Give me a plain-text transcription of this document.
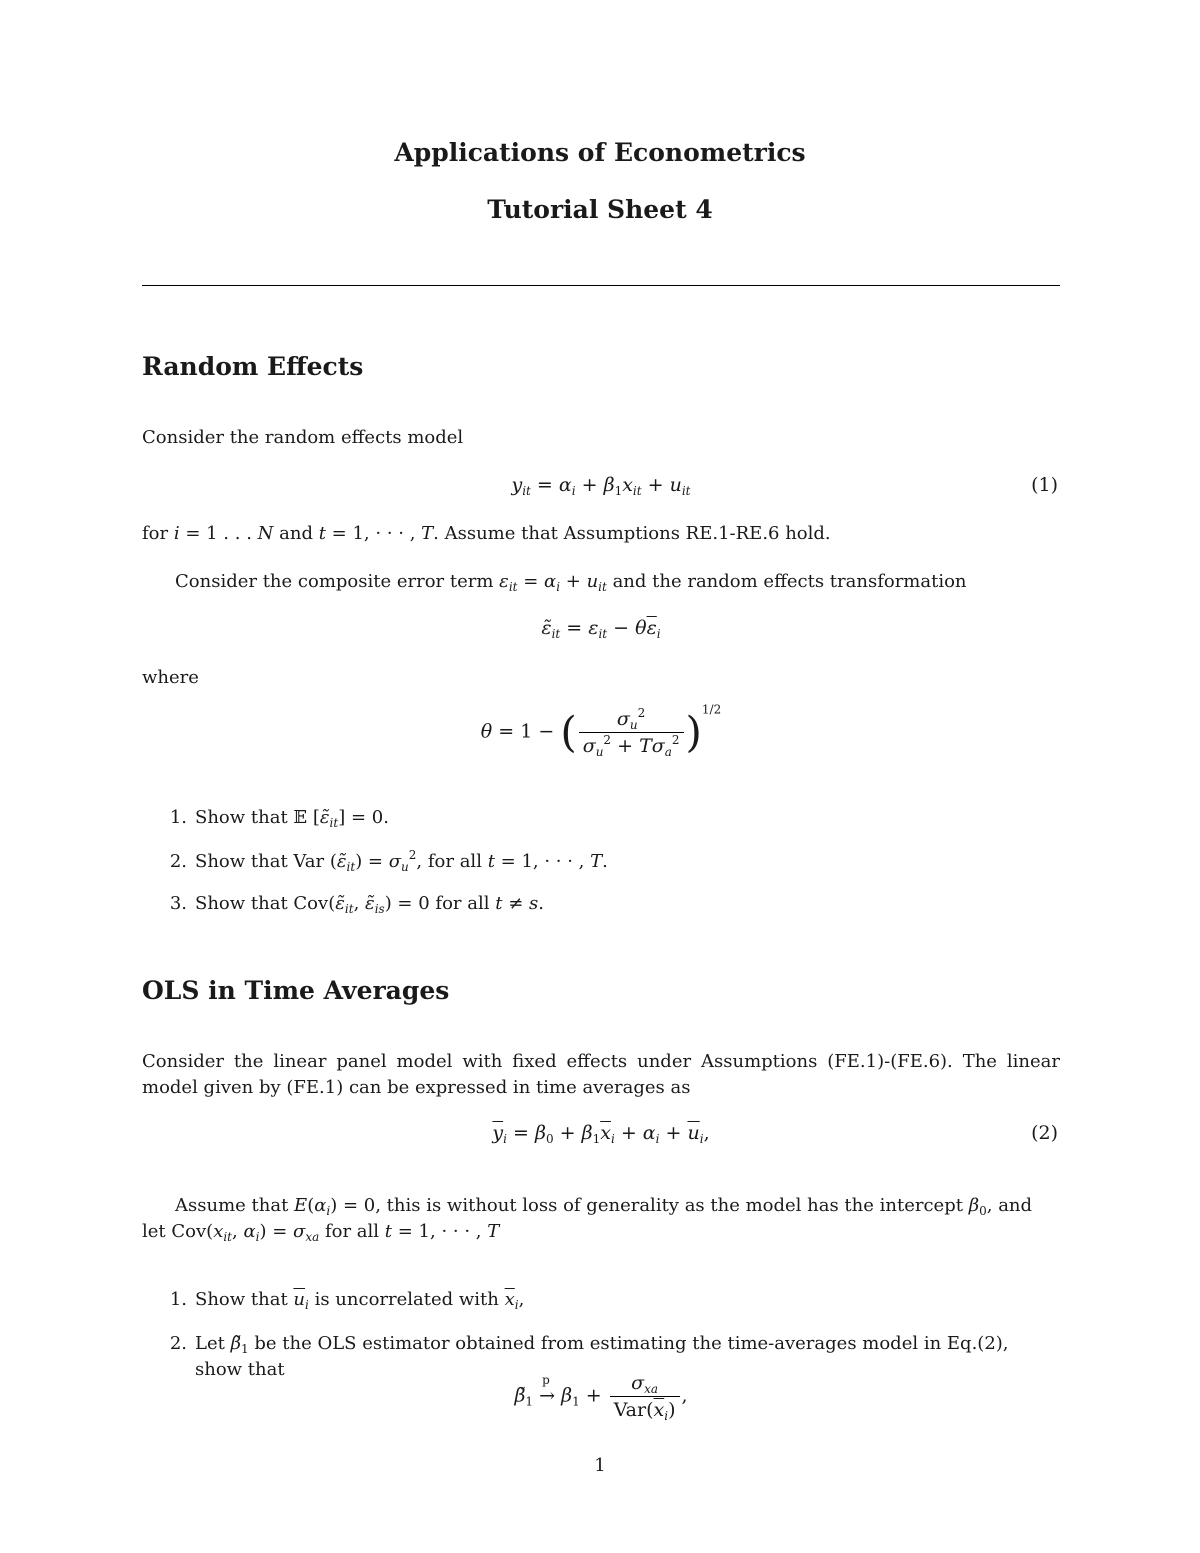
Applications of Econometrics
Tutorial Sheet 4
Random Effects
Consider the random effects model
$y_{it} = \alpha_i + \beta_1x_{it} + u_{it}$	(1)
for i = 1 . . . N and t = 1, · · · , T. Assume that Assumptions RE.1-RE.6 hold.
Consider the composite error term $\varepsilon_{it} = \alpha_i + u_{it}$ and the random effects transformation
$\varepsiloñ_{it} = \varepsilon_{it} - \theta\overline{\varepsilon}_i$
where
θ = 1 − ( $\frac{\sigma_u^2}{\sigma_u^2 + T\sigma_a^2} )^{1/2}$
1. Show that 𝔼 $[\varepsiloñ_{it}] = 0$.
2. Show that Var $(\varepsiloñ_{it}) = \sigma_u^2$, for all t = 1, · · · , T.
3. Show that $Cov(\varepsiloñ_{it}$, $\varepsiloñ_{is}) = 0$ for all t ≠ s.
OLS in Time Averages
Consider the linear panel model with fixed effects under Assumptions (FE.1)-(FE.6). The linear model given by (FE.1) can be expressed in time averages as
$\overline{y}_i = \beta_0 + \beta_1\overline{x}_i + \alpha_i + \overline{u}_i$,	(2)
Assume that $E(\alpha_i) = 0$, this is without loss of generality as the model has the intercept $\beta_0$, and
let $Cov(x_{it}$, $\alpha_i) = \sigma_{xa}$ for all t = 1, · · · , T
1. Show that $\overline{u}_i$ is uncorrelated with $\overline{x}_i$,
2. Let $\betã_1$ be the OLS estimator obtained from estimating the time-averages model in Eq.(2),
show that
$\betã_1$
p
→ $\beta_1 + \frac{\sigma_{xa}}{Var(\overline{x}_i)}$ ,
1
